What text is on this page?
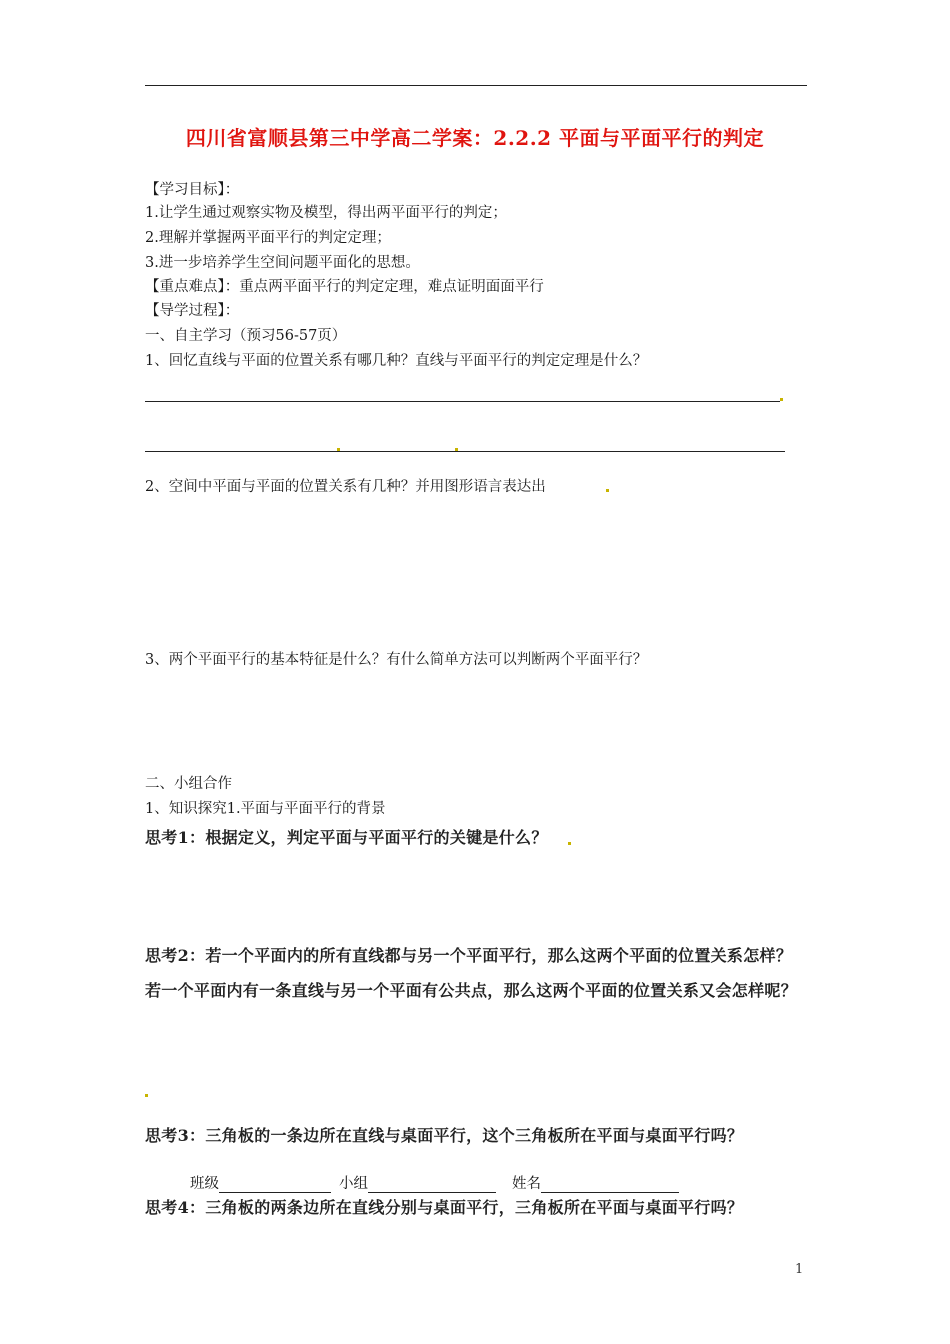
四川省富顺县第三中学高二学案：2.2.2 平面与平面平行的判定
【学习目标】：
1.让学生通过观察实物及模型，得出两平面平行的判定；
2.理解并掌握两平面平行的判定定理；
3.进一步培养学生空间问题平面化的思想。
【重点难点】：重点两平面平行的判定定理，难点证明面面平行
【导学过程】：
一、自主学习（预习56-57页）
1、回忆直线与平面的位置关系有哪几种？直线与平面平行的判定定理是什么？
2、空间中平面与平面的位置关系有几种？并用图形语言表达出
3、两个平面平行的基本特征是什么？有什么简单方法可以判断两个平面平行？
二、小组合作
1、知识探究1.平面与平面平行的背景
思考1：根据定义，判定平面与平面平行的关键是什么？
思考2：若一个平面内的所有直线都与另一个平面平行，那么这两个平面的位置关系怎样？
若一个平面内有一条直线与另一个平面有公共点，那么这两个平面的位置关系又会怎样呢？
思考3：三角板的一条边所在直线与桌面平行，这个三角板所在平面与桌面平行吗？
班级	小组	姓名
思考4：三角板的两条边所在直线分别与桌面平行，三角板所在平面与桌面平行吗？
1
